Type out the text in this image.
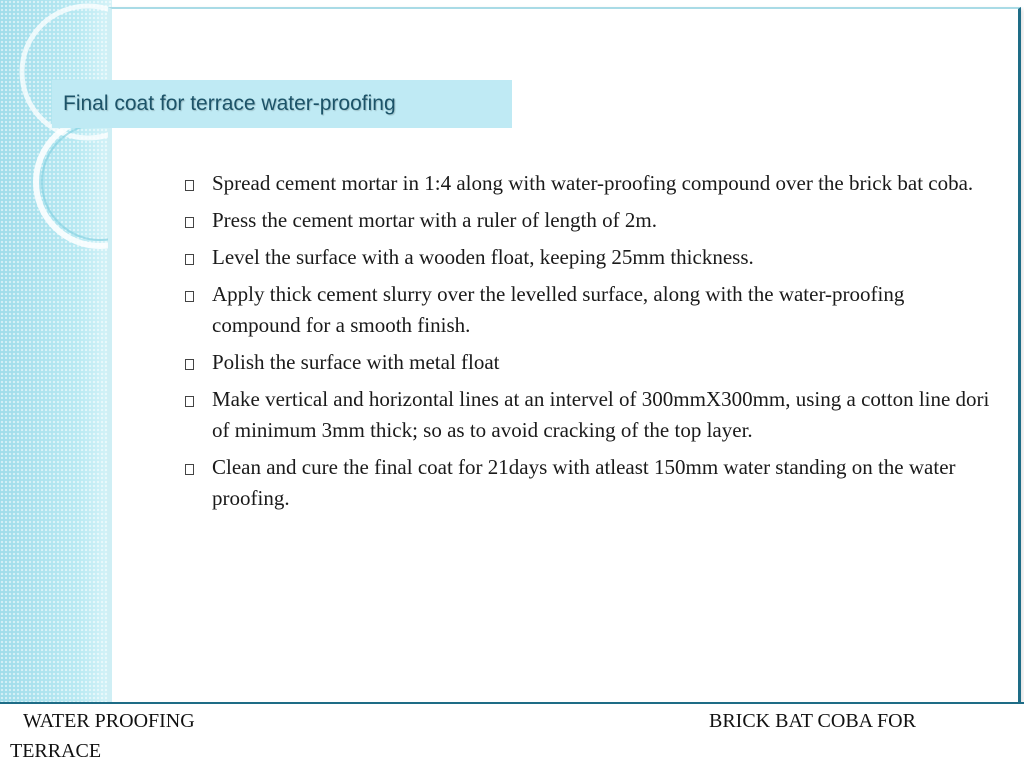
Final coat for terrace water-proofing
Spread cement mortar in 1:4 along with water-proofing compound over the brick bat coba.
Press the cement mortar with a ruler of length of 2m.
Level the surface with a wooden float, keeping 25mm thickness.
Apply thick cement slurry over the levelled surface, along with the water-proofing compound for a smooth finish.
Polish the surface with metal float
Make vertical and horizontal lines at an intervel of 300mmX300mm, using a cotton line dori of minimum 3mm thick; so as to avoid cracking of the top layer.
Clean and cure the final coat for 21days with atleast 150mm water standing on the water proofing.
WATER PROOFING	BRICK BAT COBA FOR
TERRACE
